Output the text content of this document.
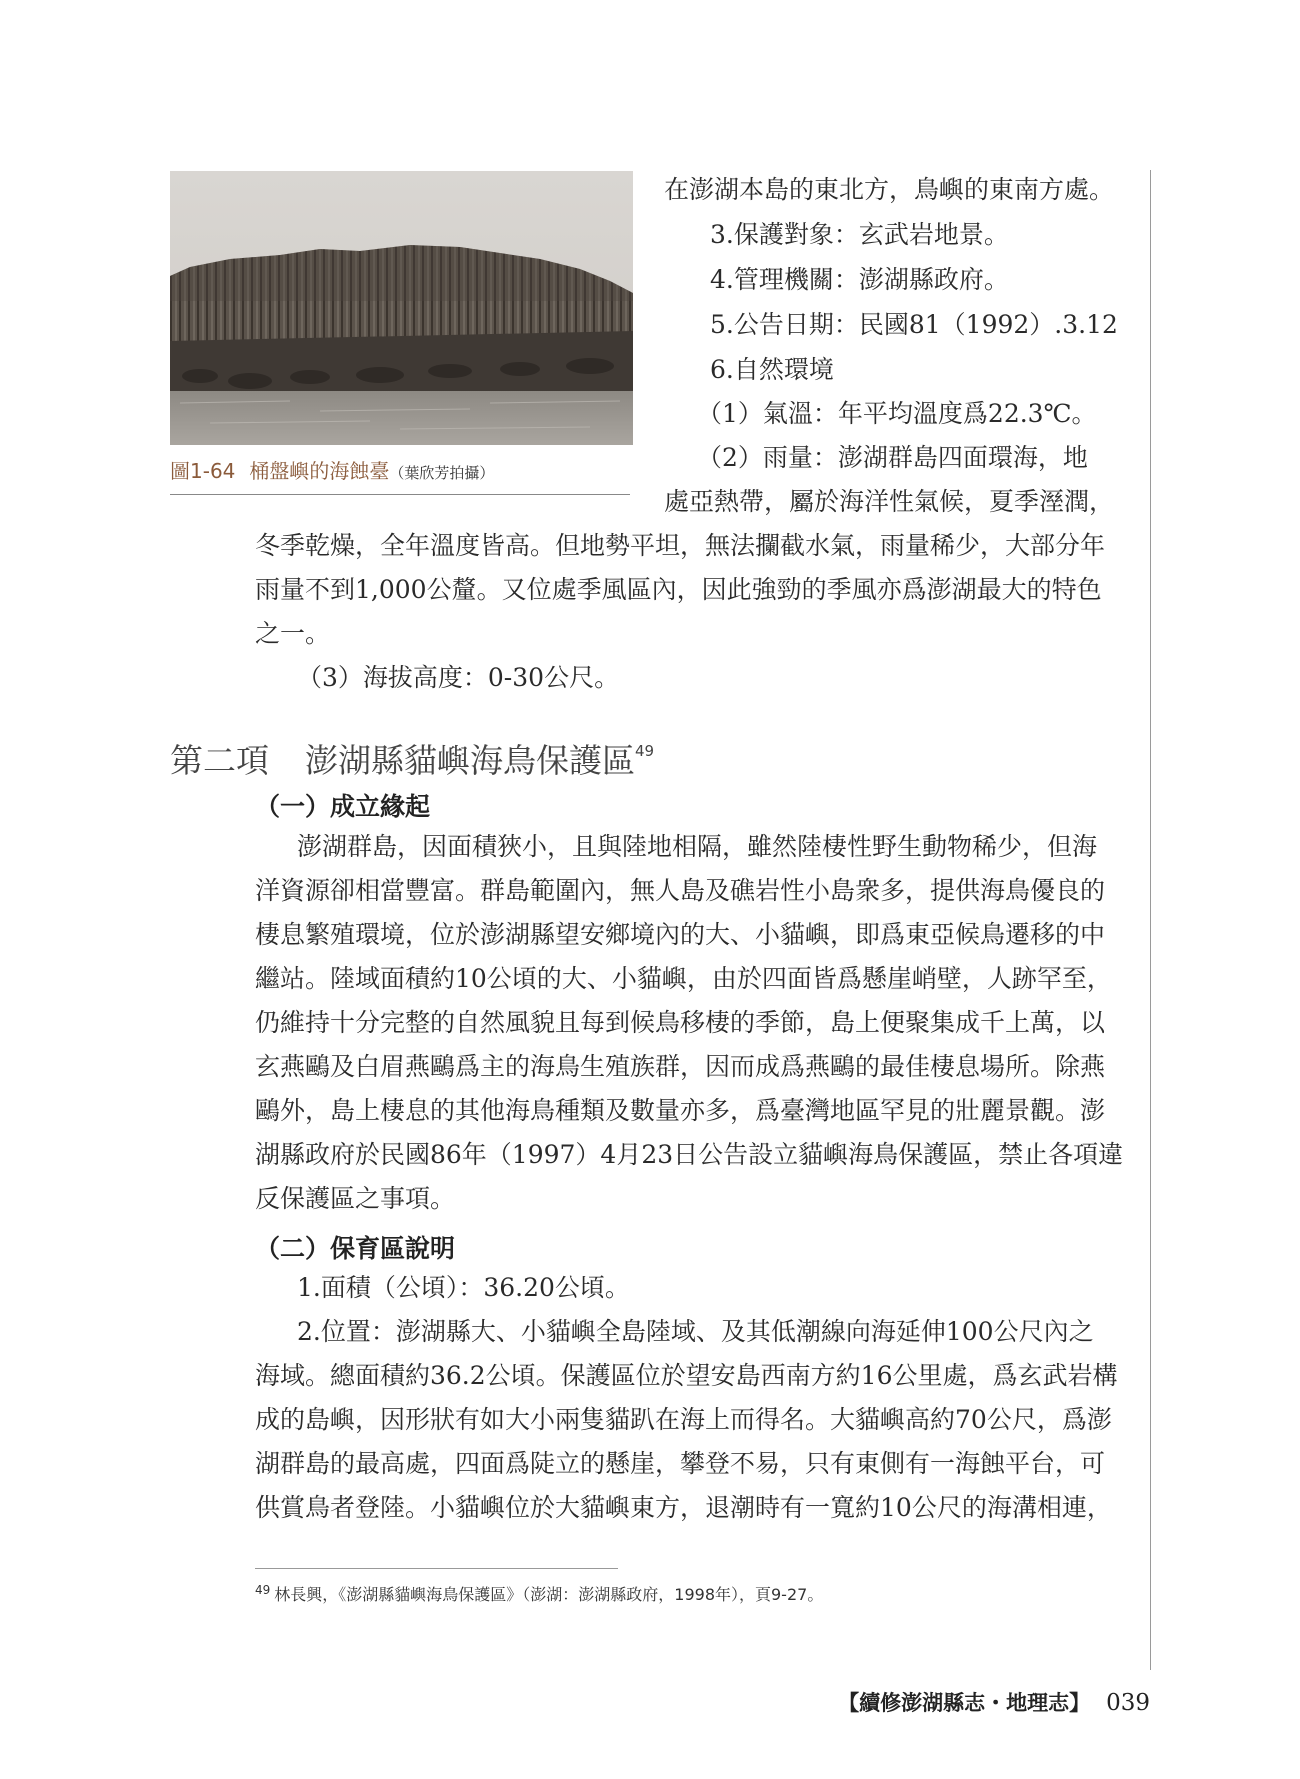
圖1-64 桶盤嶼的海蝕臺（葉欣芳拍攝）
在澎湖本島的東北方，鳥嶼的東南方處。
3.保護對象：玄武岩地景。
4.管理機關：澎湖縣政府。
5.公告日期：民國81（1992）.3.12
6.自然環境
（1）氣溫：年平均溫度爲22.3℃。
（2）雨量：澎湖群島四面環海，地
處亞熱帶，屬於海洋性氣候，夏季溼潤，
冬季乾燥，全年溫度皆高。但地勢平坦，無法攔截水氣，雨量稀少，大部分年
雨量不到1,000公釐。又位處季風區內，因此強勁的季風亦爲澎湖最大的特色
之一。
（3）海拔高度：0-30公尺。
第二項 澎湖縣貓嶼海鳥保護區$^{49}$
（一）成立緣起
澎湖群島，因面積狹小，且與陸地相隔，雖然陸棲性野生動物稀少，但海
洋資源卻相當豐富。群島範圍內，無人島及礁岩性小島衆多，提供海鳥優良的
棲息繁殖環境，位於澎湖縣望安鄉境內的大、小貓嶼，即爲東亞候鳥遷移的中
繼站。陸域面積約10公頃的大、小貓嶼，由於四面皆爲懸崖峭壁，人跡罕至，
仍維持十分完整的自然風貌且每到候鳥移棲的季節，島上便聚集成千上萬，以
玄燕鷗及白眉燕鷗爲主的海鳥生殖族群，因而成爲燕鷗的最佳棲息場所。除燕
鷗外，島上棲息的其他海鳥種類及數量亦多，爲臺灣地區罕見的壯麗景觀。澎
湖縣政府於民國86年（1997）4月23日公告設立貓嶼海鳥保護區，禁止各項違
反保護區之事項。
（二）保育區說明
1.面積（公頃）：36.20公頃。
2.位置：澎湖縣大、小貓嶼全島陸域、及其低潮線向海延伸100公尺內之
海域。總面積約36.2公頃。保護區位於望安島西南方約16公里處，爲玄武岩構
成的島嶼，因形狀有如大小兩隻貓趴在海上而得名。大貓嶼高約70公尺，爲澎
湖群島的最高處，四面爲陡立的懸崖，攀登不易，只有東側有一海蝕平台，可
供賞鳥者登陸。小貓嶼位於大貓嶼東方，退潮時有一寬約10公尺的海溝相連，
$^{49}$ 林長興，《澎湖縣貓嶼海鳥保護區》（澎湖：澎湖縣政府，1998年），頁9-27。
【續修澎湖縣志・地理志】 039
